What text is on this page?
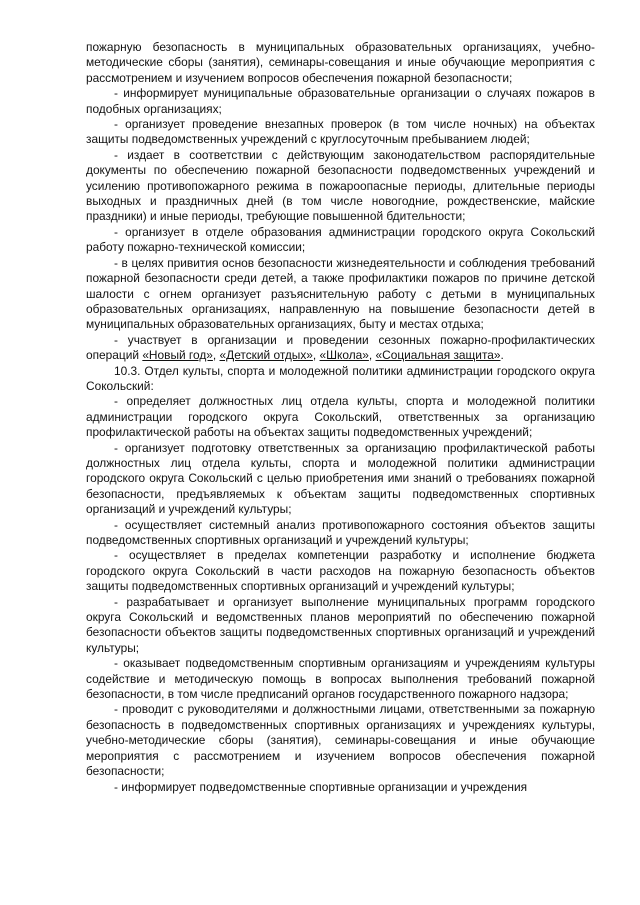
пожарную безопасность в муниципальных образовательных организациях, учебно-методические сборы (занятия), семинары-совещания и иные обучающие мероприятия с рассмотрением и изучением вопросов обеспечения пожарной безопасности;

- информирует муниципальные образовательные организации о случаях пожаров в подобных организациях;

- организует проведение внезапных проверок (в том числе ночных) на объектах защиты подведомственных учреждений с круглосуточным пребыванием людей;

- издает в соответствии с действующим законодательством распорядительные документы по обеспечению пожарной безопасности подведомственных учреждений и усилению противопожарного режима в пожароопасные периоды, длительные периоды выходных и праздничных дней (в том числе новогодние, рождественские, майские праздники) и иные периоды, требующие повышенной бдительности;

- организует в отделе образования администрации городского округа Сокольский работу пожарно-технической комиссии;

- в целях привития основ безопасности жизнедеятельности и соблюдения требований пожарной безопасности среди детей, а также профилактики пожаров по причине детской шалости с огнем организует разъяснительную работу с детьми в муниципальных образовательных организациях, направленную на повышение безопасности детей в муниципальных образовательных организациях, быту и местах отдыха;

- участвует в организации и проведении сезонных пожарно-профилактических операций «Новый год», «Детский отдых», «Школа», «Социальная защита».

10.3. Отдел культы, спорта и молодежной политики администрации городского округа Сокольский:

- определяет должностных лиц отдела культы, спорта и молодежной политики администрации городского округа Сокольский, ответственных за организацию профилактической работы на объектах защиты подведомственных учреждений;

- организует подготовку ответственных за организацию профилактической работы должностных лиц отдела культы, спорта и молодежной политики администрации городского округа Сокольский с целью приобретения ими знаний о требованиях пожарной безопасности, предъявляемых к объектам защиты подведомственных спортивных организаций и учреждений культуры;

- осуществляет системный анализ противопожарного состояния объектов защиты подведомственных спортивных организаций и учреждений культуры;

- осуществляет в пределах компетенции разработку и исполнение бюджета городского округа Сокольский в части расходов на пожарную безопасность объектов защиты подведомственных спортивных организаций и учреждений культуры;

- разрабатывает и организует выполнение муниципальных программ городского округа Сокольский и ведомственных планов мероприятий по обеспечению пожарной безопасности объектов защиты подведомственных спортивных организаций и учреждений культуры;

- оказывает подведомственным спортивным организациям и учреждениям культуры содействие и методическую помощь в вопросах выполнения требований пожарной безопасности, в том числе предписаний органов государственного пожарного надзора;

- проводит с руководителями и должностными лицами, ответственными за пожарную безопасность в подведомственных спортивных организациях и учреждениях культуры, учебно-методические сборы (занятия), семинары-совещания и иные обучающие мероприятия с рассмотрением и изучением вопросов обеспечения пожарной безопасности;

- информирует подведомственные спортивные организации и учреждения
